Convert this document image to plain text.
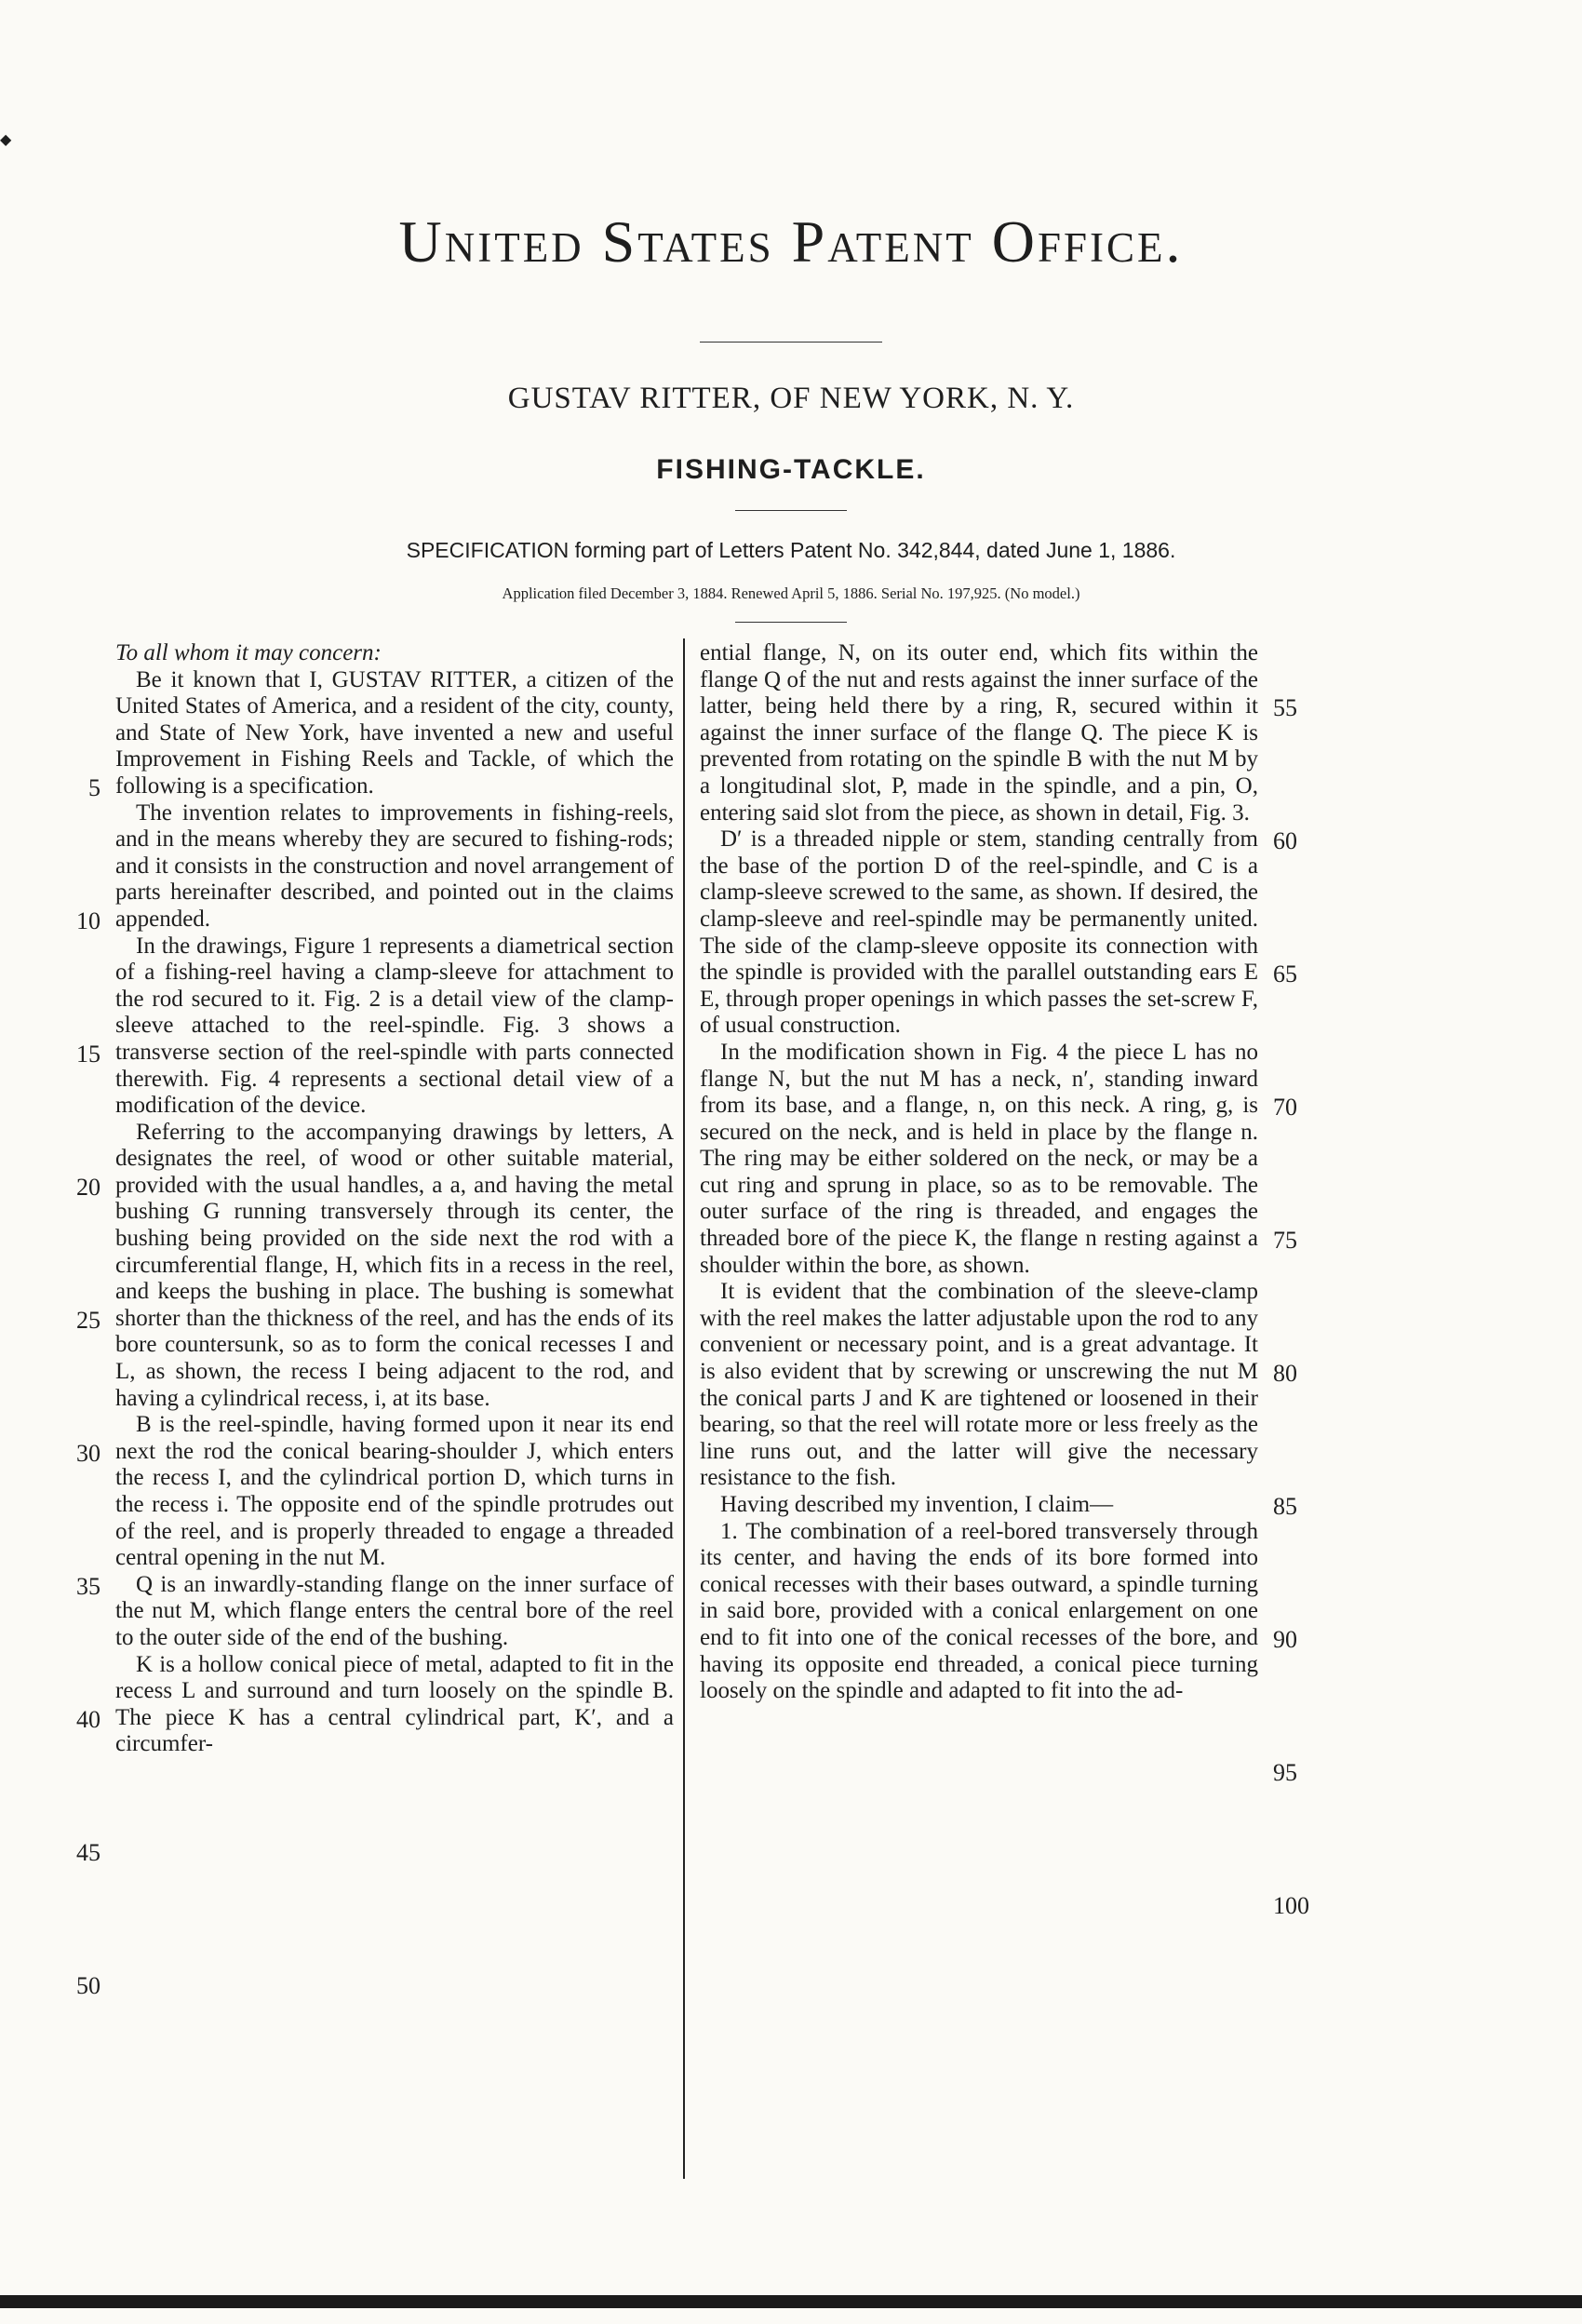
◆
United States Patent Office.
GUSTAV RITTER, OF NEW YORK, N. Y.
FISHING-TACKLE.
SPECIFICATION forming part of Letters Patent No. 342,844, dated June 1, 1886.
Application filed December 3, 1884. Renewed April 5, 1886. Serial No. 197,925. (No model.)

To all whom it may concern:

Be it known that I, GUSTAV RITTER, a citizen of the United States of America, and a resident of the city, county, and State of New York, have invented a new and useful Improvement in Fishing Reels and Tackle, of which the following is a specification.

The invention relates to improvements in fishing-reels, and in the means whereby they are secured to fishing-rods; and it consists in the construction and novel arrangement of parts hereinafter described, and pointed out in the claims appended.

In the drawings, Figure 1 represents a diametrical section of a fishing-reel having a clamp-sleeve for attachment to the rod secured to it. Fig. 2 is a detail view of the clamp-sleeve attached to the reel-spindle. Fig. 3 shows a transverse section of the reel-spindle with parts connected therewith. Fig. 4 represents a sectional detail view of a modification of the device.

Referring to the accompanying drawings by letters, A designates the reel, of wood or other suitable material, provided with the usual handles, a a, and having the metal bushing G running transversely through its center, the bushing being provided on the side next the rod with a circumferential flange, H, which fits in a recess in the reel, and keeps the bushing in place. The bushing is somewhat shorter than the thickness of the reel, and has the ends of its bore countersunk, so as to form the conical recesses I and L, as shown, the recess I being adjacent to the rod, and having a cylindrical recess, i, at its base.

B is the reel-spindle, having formed upon it near its end next the rod the conical bearing-shoulder J, which enters the recess I, and the cylindrical portion D, which turns in the recess i. The opposite end of the spindle protrudes out of the reel, and is properly threaded to engage a threaded central opening in the nut M.

Q is an inwardly-standing flange on the inner surface of the nut M, which flange enters the central bore of the reel to the outer side of the end of the bushing.

K is a hollow conical piece of metal, adapted to fit in the recess L and surround and turn loosely on the spindle B. The piece K has a central cylindrical part, K′, and a circumfer-

ential flange, N, on its outer end, which fits within the flange Q of the nut and rests against the inner surface of the latter, being held there by a ring, R, secured within it against the inner surface of the flange Q. The piece K is prevented from rotating on the spindle B with the nut M by a longitudinal slot, P, made in the spindle, and a pin, O, entering said slot from the piece, as shown in detail, Fig. 3.

D′ is a threaded nipple or stem, standing centrally from the base of the portion D of the reel-spindle, and C is a clamp-sleeve screwed to the same, as shown. If desired, the clamp-sleeve and reel-spindle may be permanently united. The side of the clamp-sleeve opposite its connection with the spindle is provided with the parallel outstanding ears E E, through proper openings in which passes the set-screw F, of usual construction.

In the modification shown in Fig. 4 the piece L has no flange N, but the nut M has a neck, n′, standing inward from its base, and a flange, n, on this neck. A ring, g, is secured on the neck, and is held in place by the flange n. The ring may be either soldered on the neck, or may be a cut ring and sprung in place, so as to be removable. The outer surface of the ring is threaded, and engages the threaded bore of the piece K, the flange n resting against a shoulder within the bore, as shown.

It is evident that the combination of the sleeve-clamp with the reel makes the latter adjustable upon the rod to any convenient or necessary point, and is a great advantage. It is also evident that by screwing or unscrewing the nut M the conical parts J and K are tightened or loosened in their bearing, so that the reel will rotate more or less freely as the line runs out, and the latter will give the necessary resistance to the fish.

Having described my invention, I claim—

1. The combination of a reel-bored transversely through its center, and having the ends of its bore formed into conical recesses with their bases outward, a spindle turning in said bore, provided with a conical enlargement on one end to fit into one of the conical recesses of the bore, and having its opposite end threaded, a conical piece turning loosely on the spindle and adapted to fit into the ad-

5
10
15
20
25
30
35
40
45
50
55
60
65
70
75
80
85
90
95
100
